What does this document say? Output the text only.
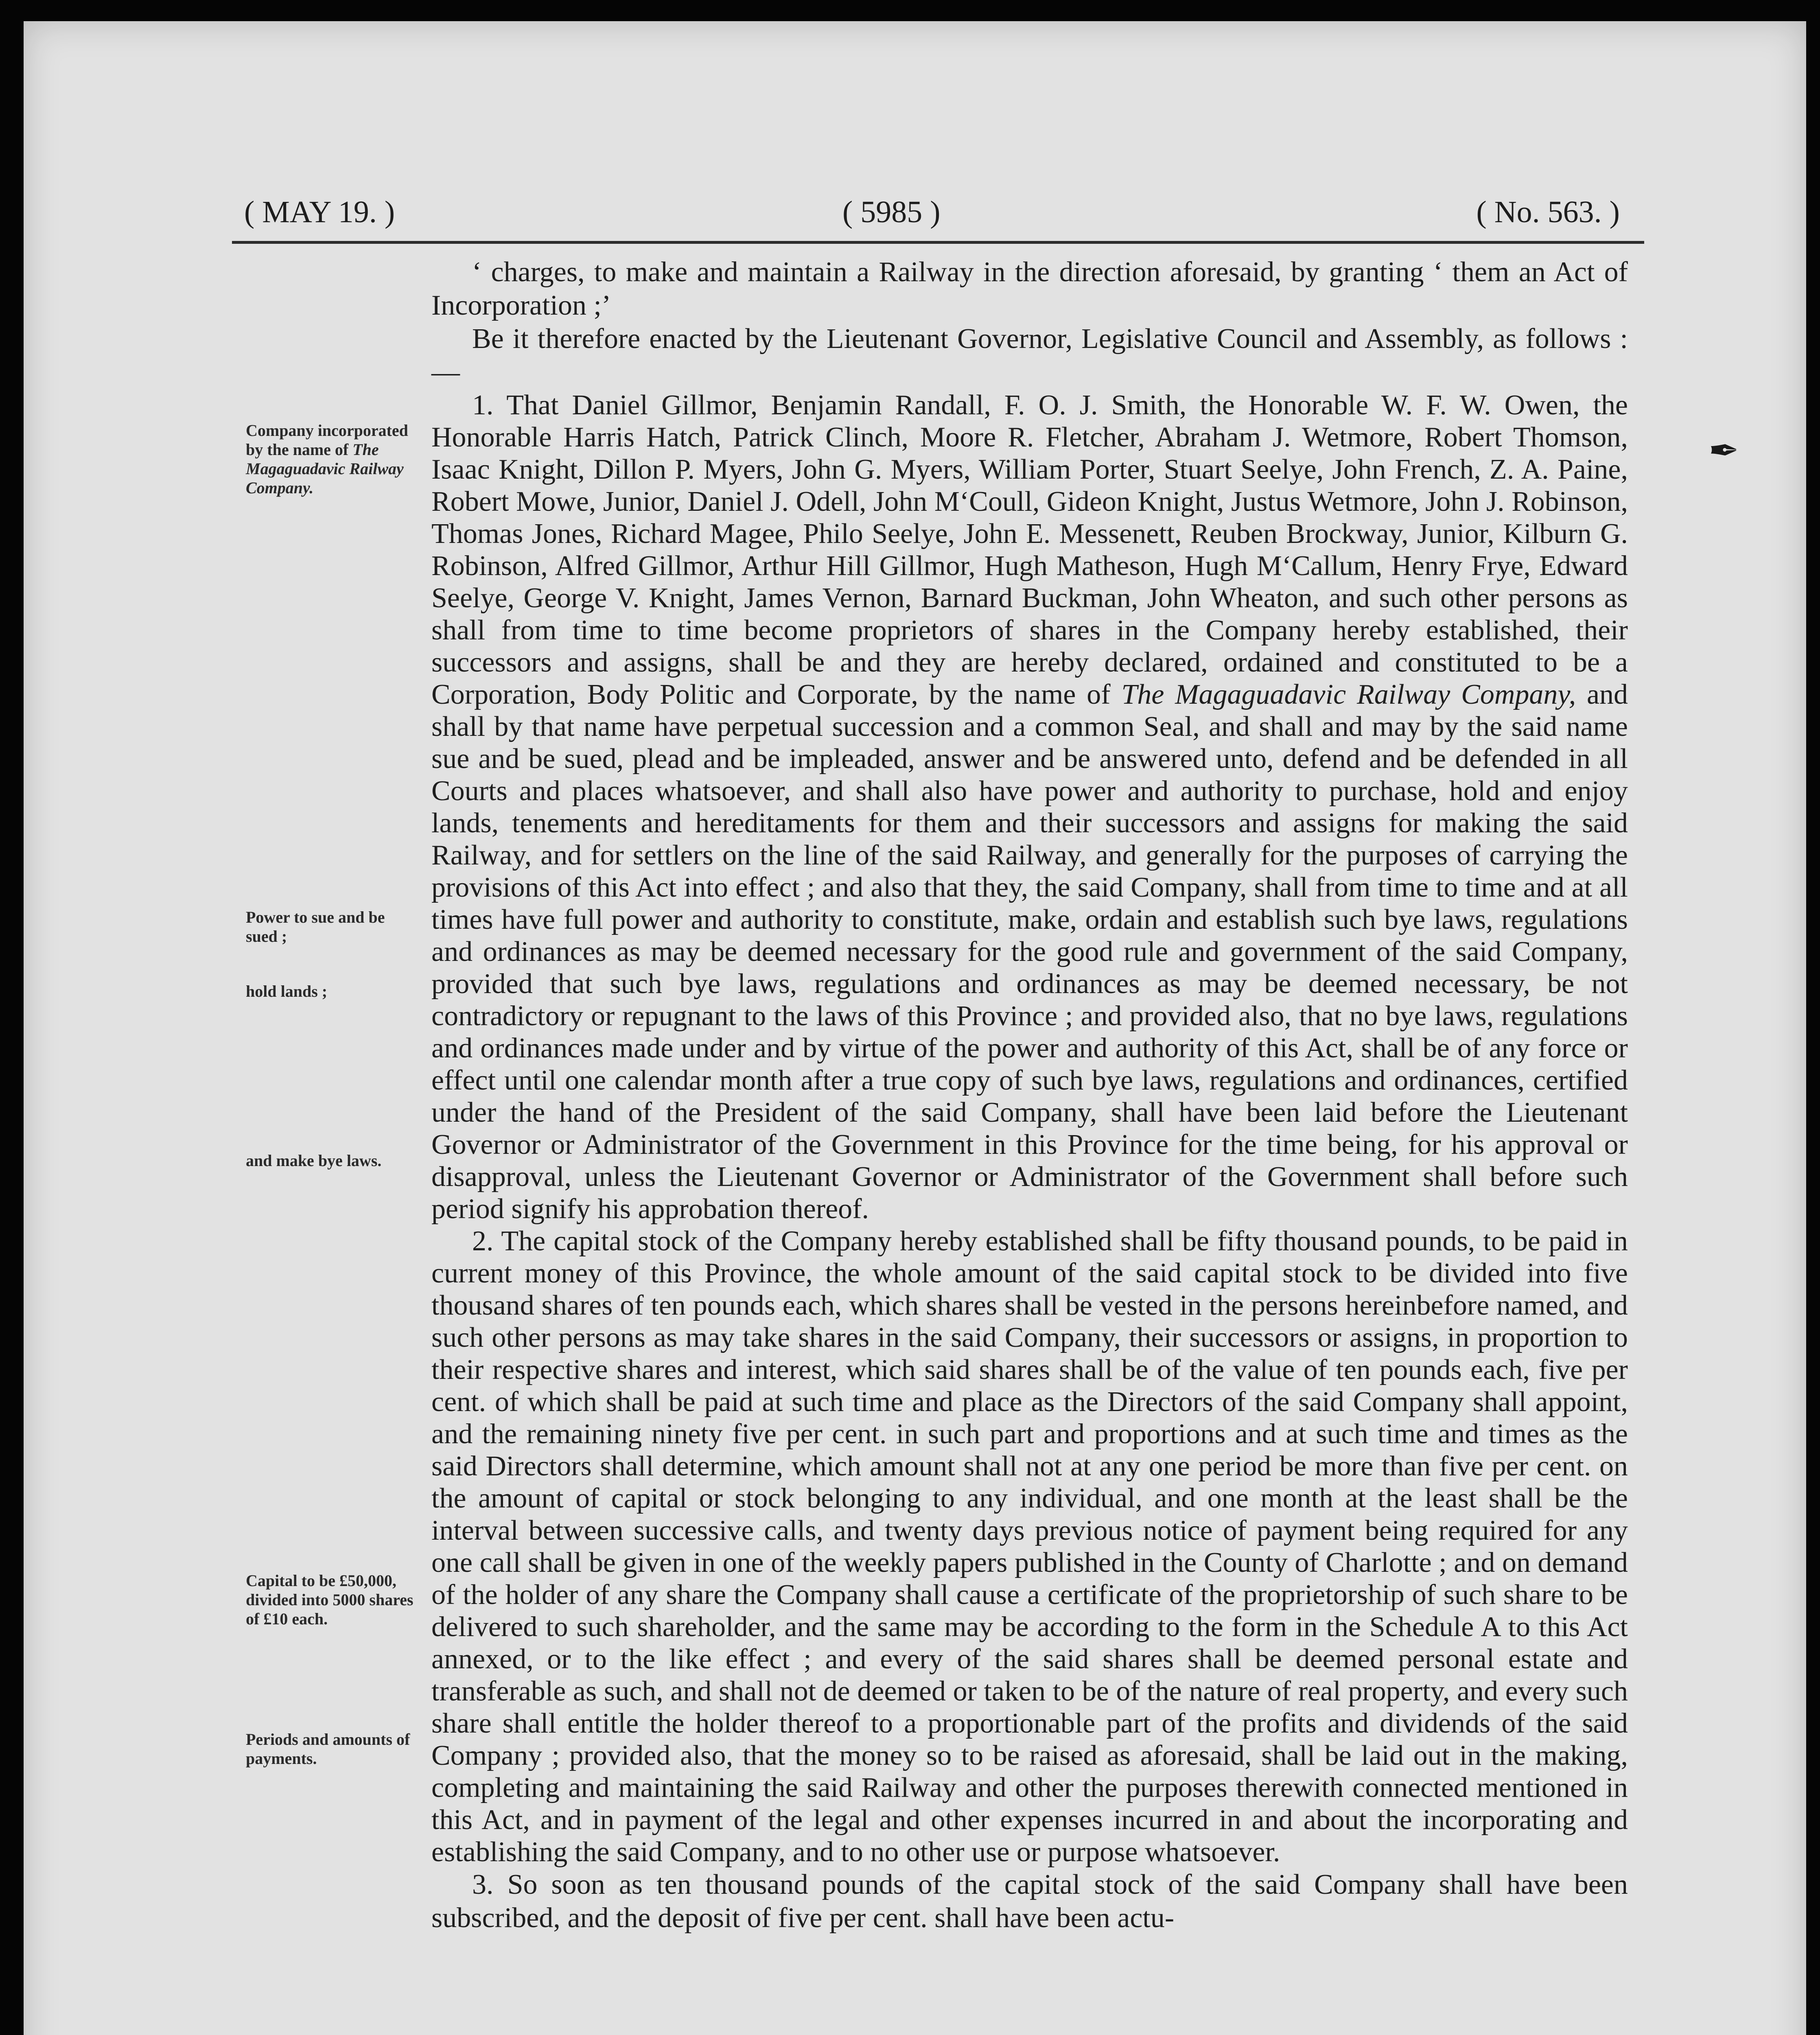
( MAY 19. )	( 5985 )	( No. 563. )
Company incorporated by the name of The Magaguadavic Railway Company.
Power to sue and be sued ;
hold lands ;
and make bye laws.
Capital to be £50,000, divided into 5000 shares of £10 each.
Periods and amounts of payments.
✒

‘ charges, to make and maintain a Railway in the direction aforesaid, by granting ‘ them an Act of Incorporation ;’

Be it therefore enacted by the Lieutenant Governor, Legislative Council and Assembly, as follows :—

1. That Daniel Gillmor, Benjamin Randall, F. O. J. Smith, the Honorable W. F. W. Owen, the Honorable Harris Hatch, Patrick Clinch, Moore R. Fletcher, Abraham J. Wetmore, Robert Thomson, Isaac Knight, Dillon P. Myers, John G. Myers, William Porter, Stuart Seelye, John French, Z. A. Paine, Robert Mowe, Junior, Daniel J. Odell, John M‘Coull, Gideon Knight, Justus Wetmore, John J. Robinson, Thomas Jones, Richard Magee, Philo Seelye, John E. Messenett, Reuben Brockway, Junior, Kilburn G. Robinson, Alfred Gillmor, Arthur Hill Gillmor, Hugh Matheson, Hugh M‘Callum, Henry Frye, Edward Seelye, George V. Knight, James Vernon, Barnard Buckman, John Wheaton, and such other persons as shall from time to time become proprietors of shares in the Company hereby established, their successors and assigns, shall be and they are hereby declared, ordained and constituted to be a Corporation, Body Politic and Corporate, by the name of The Magaguadavic Railway Company, and shall by that name have perpetual succession and a common Seal, and shall and may by the said name sue and be sued, plead and be impleaded, answer and be answered unto, defend and be defended in all Courts and places whatsoever, and shall also have power and authority to purchase, hold and enjoy lands, tenements and hereditaments for them and their successors and assigns for making the said Railway, and for settlers on the line of the said Railway, and generally for the purposes of carrying the provisions of this Act into effect ; and also that they, the said Company, shall from time to time and at all times have full power and authority to constitute, make, ordain and establish such bye laws, regulations and ordinances as may be deemed necessary for the good rule and government of the said Company, provided that such bye laws, regulations and ordinances as may be deemed necessary, be not contradictory or repugnant to the laws of this Province ; and provided also, that no bye laws, regulations and ordinances made under and by virtue of the power and authority of this Act, shall be of any force or effect until one calendar month after a true copy of such bye laws, regulations and ordinances, certified under the hand of the President of the said Company, shall have been laid before the Lieutenant Governor or Administrator of the Government in this Province for the time being, for his approval or disapproval, unless the Lieutenant Governor or Administrator of the Government shall before such period signify his approbation thereof.

2. The capital stock of the Company hereby established shall be fifty thousand pounds, to be paid in current money of this Province, the whole amount of the said capital stock to be divided into five thousand shares of ten pounds each, which shares shall be vested in the persons hereinbefore named, and such other persons as may take shares in the said Company, their successors or assigns, in proportion to their respective shares and interest, which said shares shall be of the value of ten pounds each, five per cent. of which shall be paid at such time and place as the Directors of the said Company shall appoint, and the remaining ninety five per cent. in such part and proportions and at such time and times as the said Directors shall determine, which amount shall not at any one period be more than five per cent. on the amount of capital or stock belonging to any individual, and one month at the least shall be the interval between successive calls, and twenty days previous notice of payment being required for any one call shall be given in one of the weekly papers published in the County of Charlotte ; and on demand of the holder of any share the Company shall cause a certificate of the proprietorship of such share to be delivered to such shareholder, and the same may be according to the form in the Schedule A to this Act annexed, or to the like effect ; and every of the said shares shall be deemed personal estate and transferable as such, and shall not de deemed or taken to be of the nature of real property, and every such share shall entitle the holder thereof to a proportionable part of the profits and dividends of the said Company ; provided also, that the money so to be raised as aforesaid, shall be laid out in the making, completing and maintaining the said Railway and other the purposes therewith connected mentioned in this Act, and in payment of the legal and other expenses incurred in and about the incorporating and establishing the said Company, and to no other use or purpose whatsoever.

3. So soon as ten thousand pounds of the capital stock of the said Company shall have been subscribed, and the deposit of five per cent. shall have been actu-
